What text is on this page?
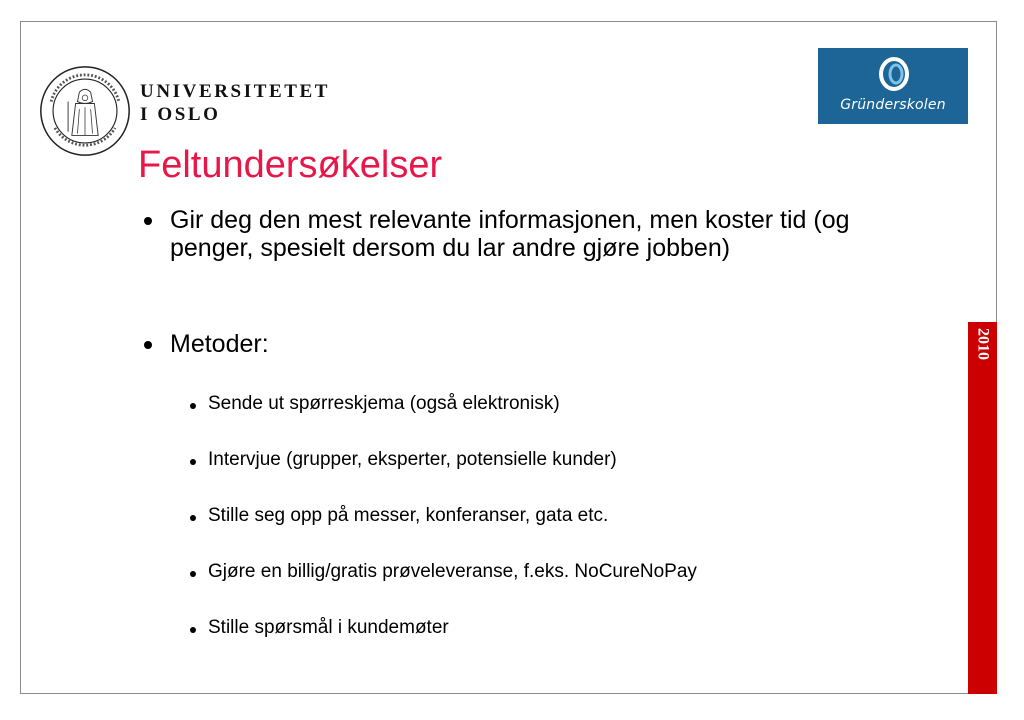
UNIVERSITETET
I OSLO	Gründerskolen
Feltundersøkelser
Gir deg den mest relevante informasjonen, men koster tid (og penger, spesielt dersom du lar andre gjøre jobben)
Metoder:
Sende ut spørreskjema (også elektronisk)
Intervjue (grupper, eksperter, potensielle kunder)
Stille seg opp på messer, konferanser, gata etc.
Gjøre en billig/gratis prøveleveranse, f.eks. NoCureNoPay
Stille spørsmål i kundemøter
2010
